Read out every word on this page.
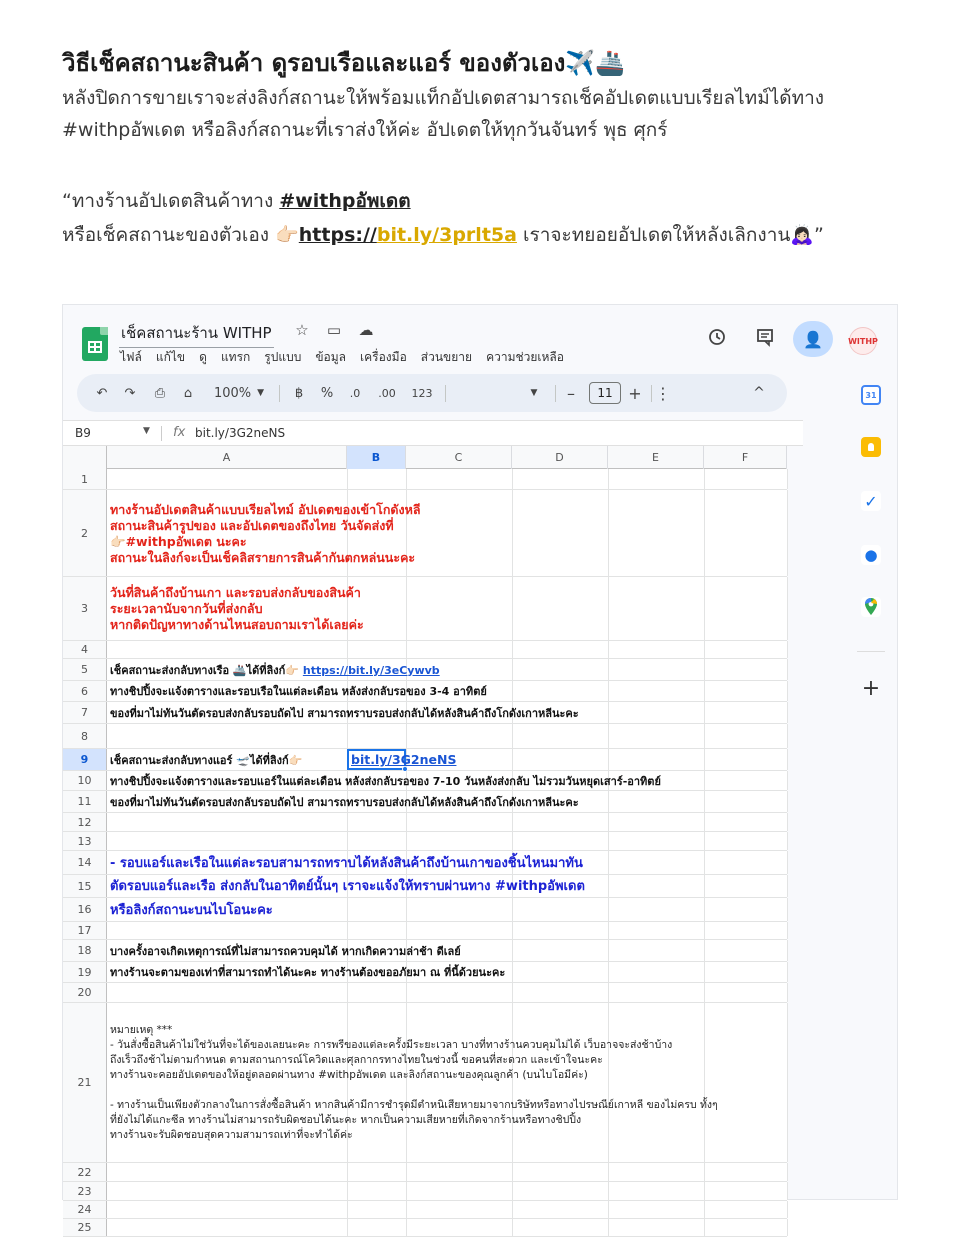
วิธีเช็คสถานะสินค้า ดูรอบเรือและแอร์ ของตัวเอง✈️🚢
หลังปิดการขายเราจะส่งลิงก์สถานะให้พร้อมแท็กอัปเดตสามารถเช็คอัปเดตแบบเรียลไทม์ได้ทาง
#withpอัพเดต หรือลิงก์สถานะที่เราส่งให้ค่ะ อัปเดตให้ทุกวันจันทร์ พุธ ศุกร์
“ทางร้านอัปเดตสินค้าทาง #withpอัพเดต
หรือเช็คสถานะของตัวเอง 👉🏻https://bit.ly/3prlt5a เราจะทยอยอัปเดตให้หลังเลิกงาน🙇🏻‍♀️”
เช็คสถานะร้าน WITHP ☆ ▭ ☁
ไฟล์ แก้ไข ดู แทรก รูปแบบ ข้อมูล เครื่องมือ ส่วนขยาย ความช่วยเหลือ
👤	WITHP
↶	↷	⎙	⌂	100% ▼	฿	%	.0	.00	123	▼	–	11 + ⋮	^
B9	▼ fx bit.ly/3G2neNS
A	B	C	D	E	F
1
2
ทางร้านอัปเดตสินค้าแบบเรียลไทม์ อัปเดตของเข้าโกดังหลี
สถานะสินค้ารูปของ และอัปเดตของถึงไทย วันจัดส่งที่
👉🏻#withpอัพเดต นะคะ
สถานะในลิงก์จะเป็นเช็คลิสรายการสินค้ากันตกหล่นนะคะ
3
วันที่สินค้าถึงบ้านเกา และรอบส่งกลับของสินค้า
ระยะเวลานับจากวันที่ส่งกลับ
หากติดปัญหาทางด้านไหนสอบถามเราได้เลยค่ะ
4
5	เช็คสถานะส่งกลับทางเรือ 🚢ได้ที่ลิงก์👉🏻 https://bit.ly/3eCywvb
6	ทางชิปปิ้งจะแจ้งตารางและรอบเรือในแต่ละเดือน หลังส่งกลับรอของ 3-4 อาทิตย์
7	ของที่มาไม่ทันวันตัดรอบส่งกลับรอบถัดไป สามารถทราบรอบส่งกลับได้หลังสินค้าถึงโกดังเกาหลีนะคะ
8
9	เช็คสถานะส่งกลับทางแอร์ 🛫ได้ที่ลิงก์👉🏻	bit.ly/3G2neNS
10	ทางชิปปิ้งจะแจ้งตารางและรอบแอร์ในแต่ละเดือน หลังส่งกลับรอของ 7-10 วันหลังส่งกลับ ไม่รวมวันหยุดเสาร์-อาทิตย์
11	ของที่มาไม่ทันวันตัดรอบส่งกลับรอบถัดไป สามารถทราบรอบส่งกลับได้หลังสินค้าถึงโกดังเกาหลีนะคะ
12
13
14	- รอบแอร์และเรือในแต่ละรอบสามารถทราบได้หลังสินค้าถึงบ้านเกาของชิ้นไหนมาทัน
15	ตัดรอบแอร์และเรือ ส่งกลับในอาทิตย์นั้นๆ เราจะแจ้งให้ทราบผ่านทาง #withpอัพเดต
16	หรือลิงก์สถานะบนไบโอนะคะ
17
18	บางครั้งอาจเกิดเหตุการณ์ที่ไม่สามารถควบคุมได้ หากเกิดความล่าช้า ดีเลย์
19	ทางร้านจะตามของเท่าที่สามารถทำได้นะคะ ทางร้านต้องขออภัยมา ณ ที่นี้ด้วยนะคะ
20
21
หมายเหตุ ***
- วันสั่งซื้อสินค้าไม่ใช่วันที่จะได้ของเลยนะคะ การพรีของแต่ละครั้งมีระยะเวลา บางที่ทางร้านควบคุมไม่ได้ เว็บอาจจะส่งช้าบ้าง
ถึงเร็วถึงช้าไม่ตามกำหนด ตามสถานการณ์โควิดและศุลกากรทางไทยในช่วงนี้ ขอคนที่สะดวก และเข้าใจนะคะ
ทางร้านจะคอยอัปเดตของให้อยู่ตลอดผ่านทาง #withpอัพเดต และลิงก์สถานะของคุณลูกค้า (บนไบโอมีค่ะ)
- ทางร้านเป็นเพียงตัวกลางในการสั่งซื้อสินค้า หากสินค้ามีการชำรุดมีตำหนิเสียหายมาจากบริษัทหรือทางไปรษณีย์เกาหลี ของไม่ครบ ทั้งๆ
ที่ยังไม่ได้แกะซีล ทางร้านไม่สามารถรับผิดชอบได้นะคะ หากเป็นความเสียหายที่เกิดจากร้านหรือทางชิปปิ้ง
ทางร้านจะรับผิดชอบสุดความสามารถเท่าที่จะทำได้ค่ะ
22
23
24
25
31
✓
●
+
